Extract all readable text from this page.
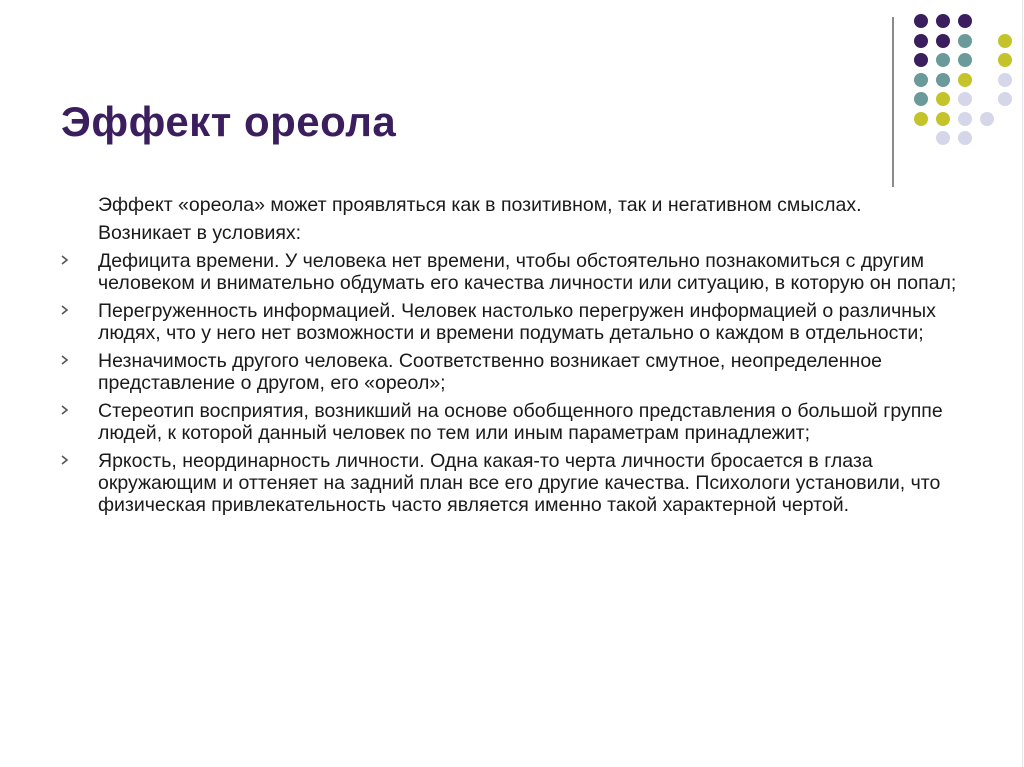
Эффект ореола
Эффект «ореола» может проявляться как в позитивном, так и негативном смыслах.
Возникает в условиях:
Дефицита времени. У человека нет времени, чтобы обстоятельно познакомиться с другим человеком и внимательно обдумать его качества личности или ситуацию, в которую он попал;
Перегруженность информацией. Человек настолько перегружен информацией о различных людях, что у него нет возможности и времени подумать детально о каждом в отдельности;
Незначимость другого человека. Соответственно возникает смутное, неопределенное представление о другом, его «ореол»;
Стереотип восприятия, возникший на основе обобщенного представления о большой группе людей, к которой данный человек по тем или иным параметрам принадлежит;
Яркость, неординарность личности. Одна какая-то черта личности бросается в глаза окружающим и оттеняет на задний план все его другие качества. Психологи установили, что физическая привлекательность часто является именно такой характерной чертой.
